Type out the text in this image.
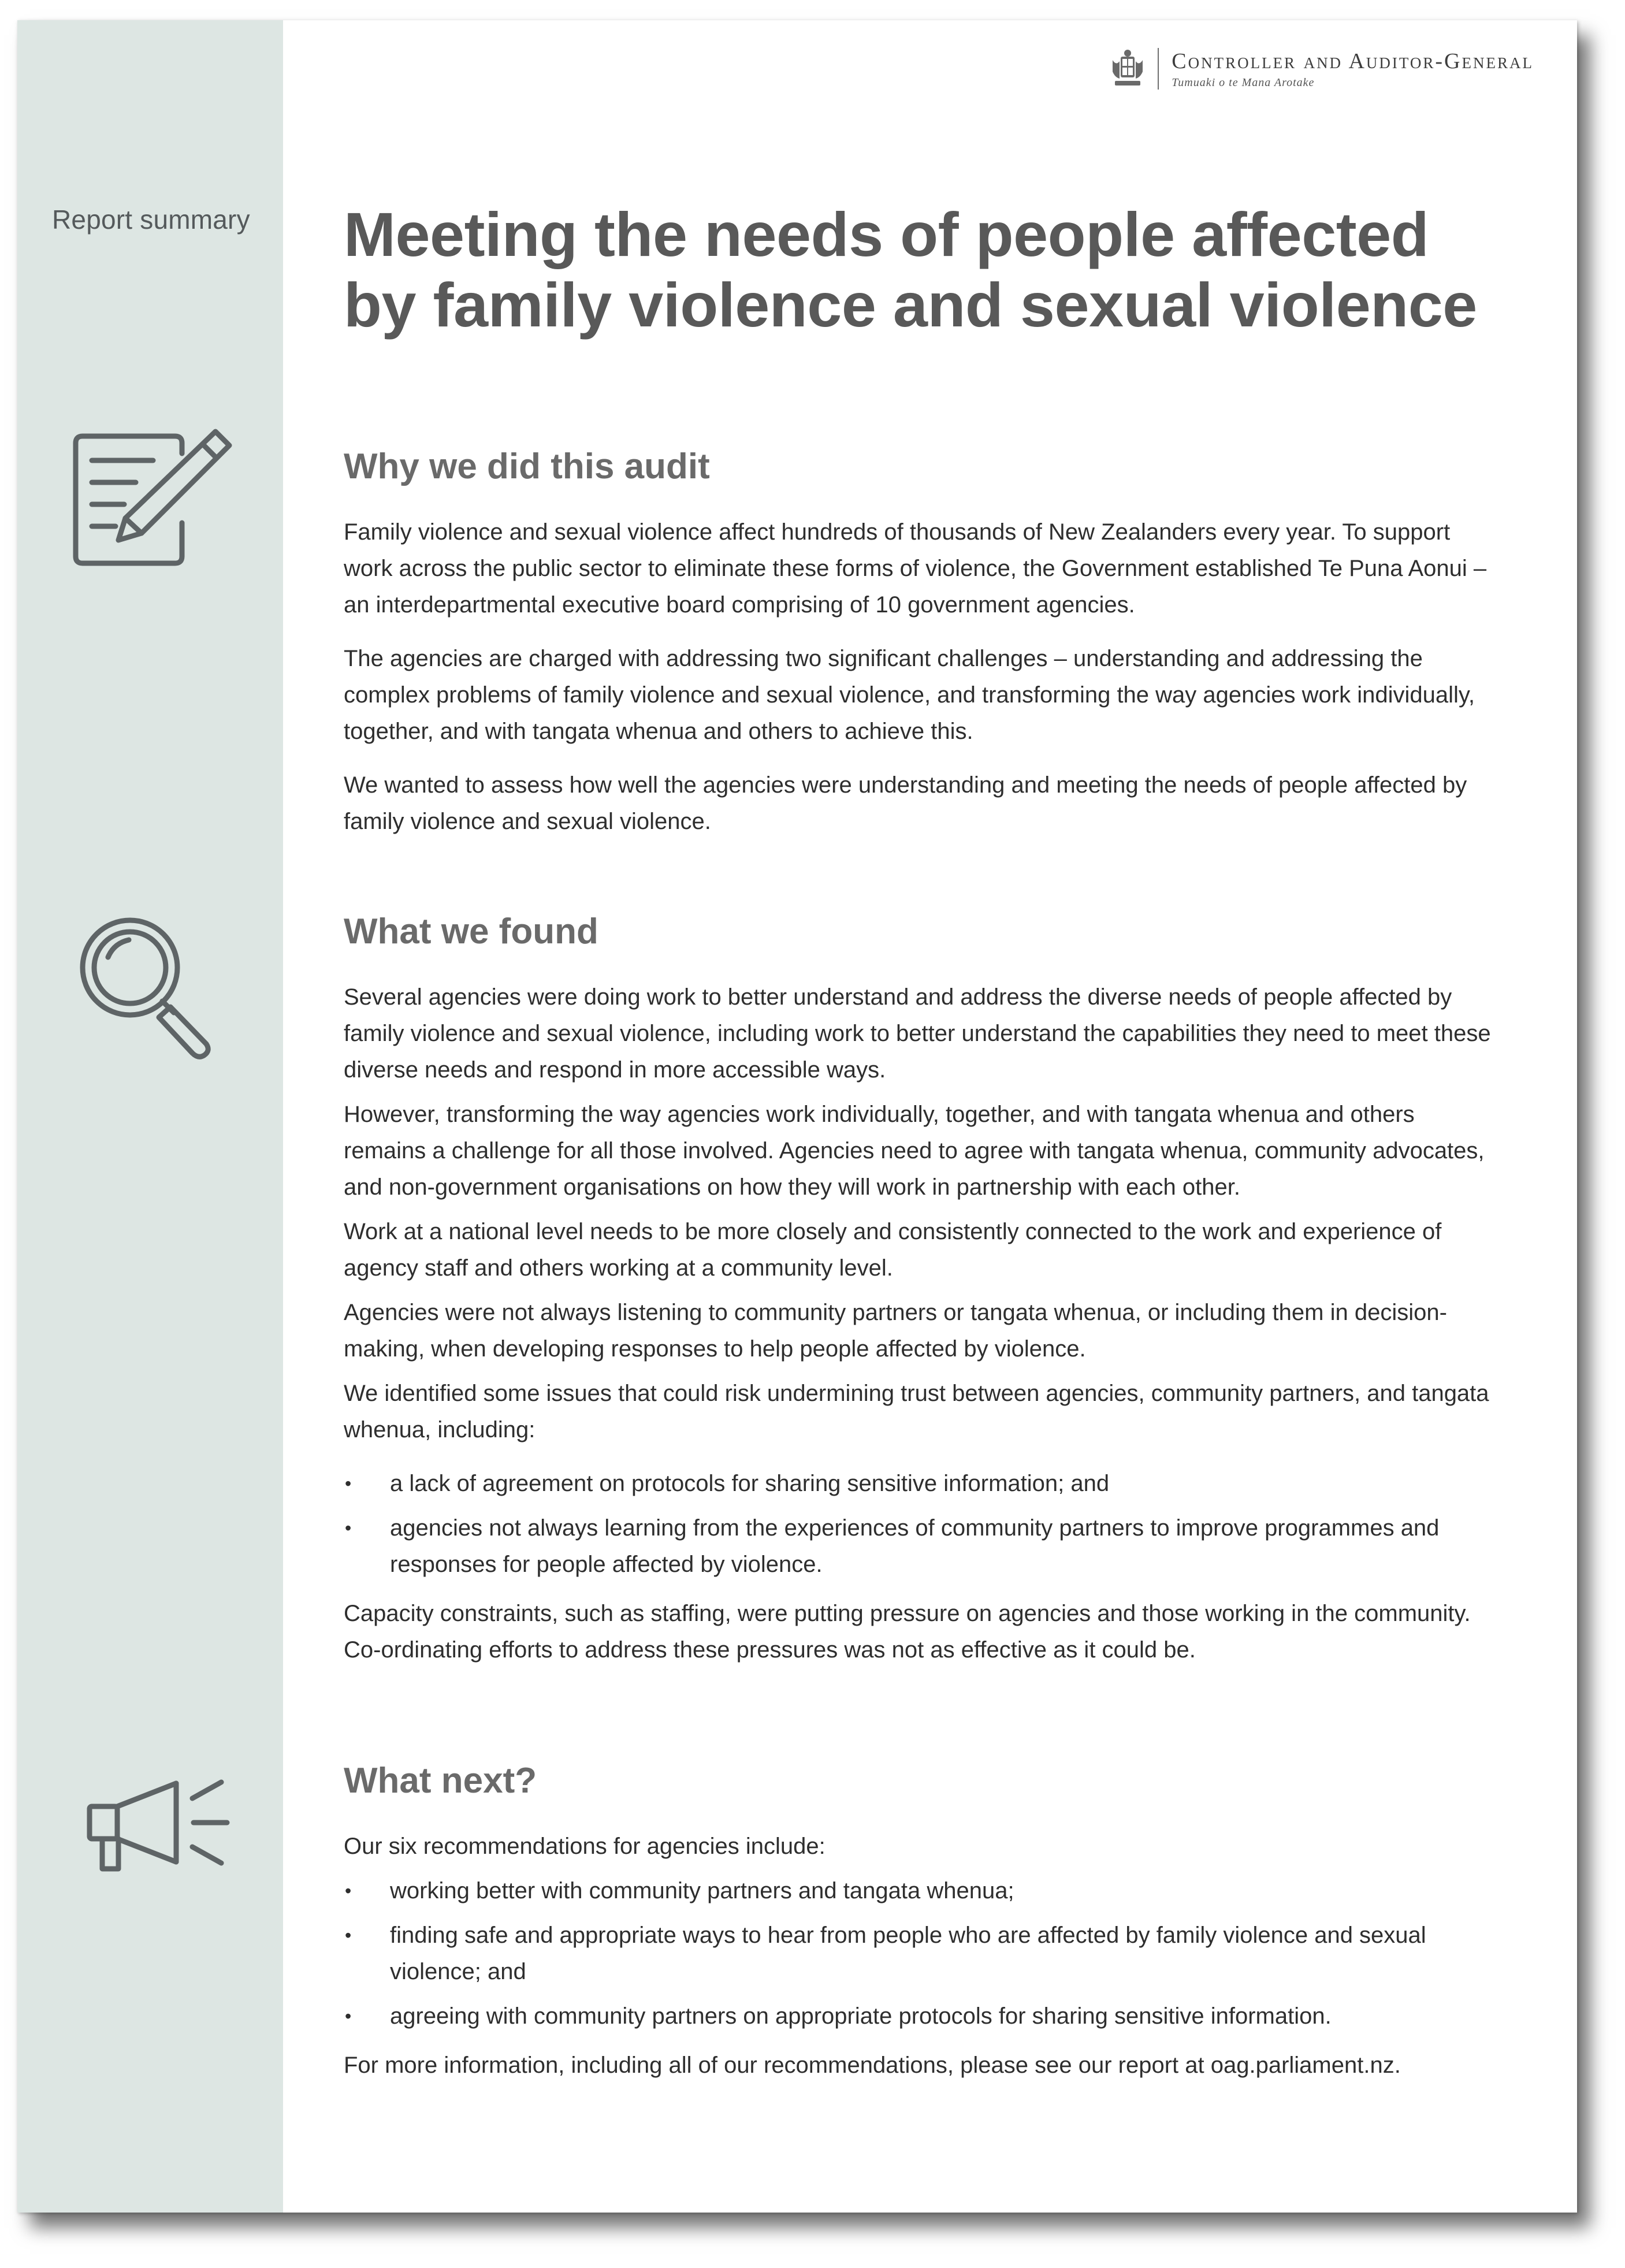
Report summary
Controller and Auditor-General
Tumuaki o te Mana Arotake
Meeting the needs of people affected by family violence and sexual violence
Why we did this audit

Family violence and sexual violence affect hundreds of thousands of New Zealanders every year. To support work across the public sector to eliminate these forms of violence, the Government established Te Puna Aonui – an interdepartmental executive board comprising of 10 government agencies.

The agencies are charged with addressing two significant challenges – understanding and addressing the complex problems of family violence and sexual violence, and transforming the way agencies work individually, together, and with tangata whenua and others to achieve this.

We wanted to assess how well the agencies were understanding and meeting the needs of people affected by family violence and sexual violence.

What we found

Several agencies were doing work to better understand and address the diverse needs of people affected by family violence and sexual violence, including work to better understand the capabilities they need to meet these diverse needs and respond in more accessible ways.

However, transforming the way agencies work individually, together, and with tangata whenua and others remains a challenge for all those involved. Agencies need to agree with tangata whenua, community advocates, and non-government organisations on how they will work in partnership with each other.

Work at a national level needs to be more closely and consistently connected to the work and experience of agency staff and others working at a community level.

Agencies were not always listening to community partners or tangata whenua, or including them in decision-making, when developing responses to help people affected by violence.

We identified some issues that could risk undermining trust between agencies, community partners, and tangata whenua, including:

• a lack of agreement on protocols for sharing sensitive information; and
• agencies not always learning from the experiences of community partners to improve programmes and responses for people affected by violence.

Capacity constraints, such as staffing, were putting pressure on agencies and those working in the community. Co-ordinating efforts to address these pressures was not as effective as it could be.

What next?

Our six recommendations for agencies include:

• working better with community partners and tangata whenua;
• finding safe and appropriate ways to hear from people who are affected by family violence and sexual violence; and
• agreeing with community partners on appropriate protocols for sharing sensitive information.

For more information, including all of our recommendations, please see our report at oag.parliament.nz.
